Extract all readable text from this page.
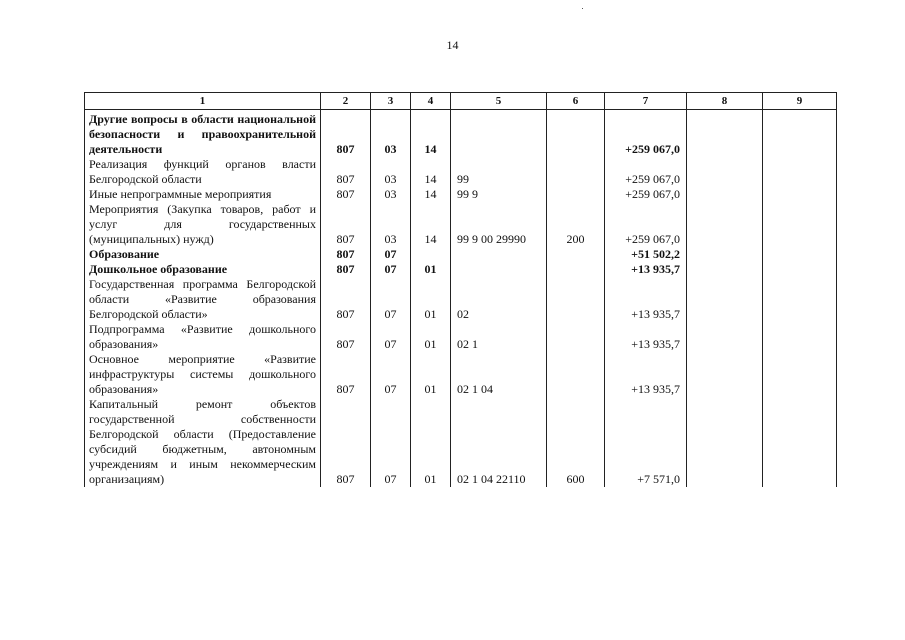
14
1	2	3	4	5	6	7	8	9
Другие вопросы в области национальной безопасности и правоохранительной деятельности	807	03	14			+259 067,0		
Реализация функций органов власти Белгородской области	807	03	14	99		+259 067,0		
Иные непрограммные мероприятия	807	03	14	99 9		+259 067,0		
Мероприятия (Закупка товаров, работ и услуг для государственных (муниципальных) нужд)	807	03	14	99 9 00 29990	200	+259 067,0		
Образование	807	07				+51 502,2		
Дошкольное образование	807	07	01			+13 935,7		
Государственная программа Белгородской области «Развитие образования Белгородской области»	807	07	01	02		+13 935,7		
Подпрограмма «Развитие дошкольного образования»	807	07	01	02 1		+13 935,7		
Основное мероприятие «Развитие инфраструктуры системы дошкольного образования»	807	07	01	02 1 04		+13 935,7		
Капитальный ремонт объектов государственной собственности Белгородской области (Предоставление субсидий бюджетным, автономным учреждениям и иным некоммерческим организациям)	807	07	01	02 1 04 22110	600	+7 571,0		
